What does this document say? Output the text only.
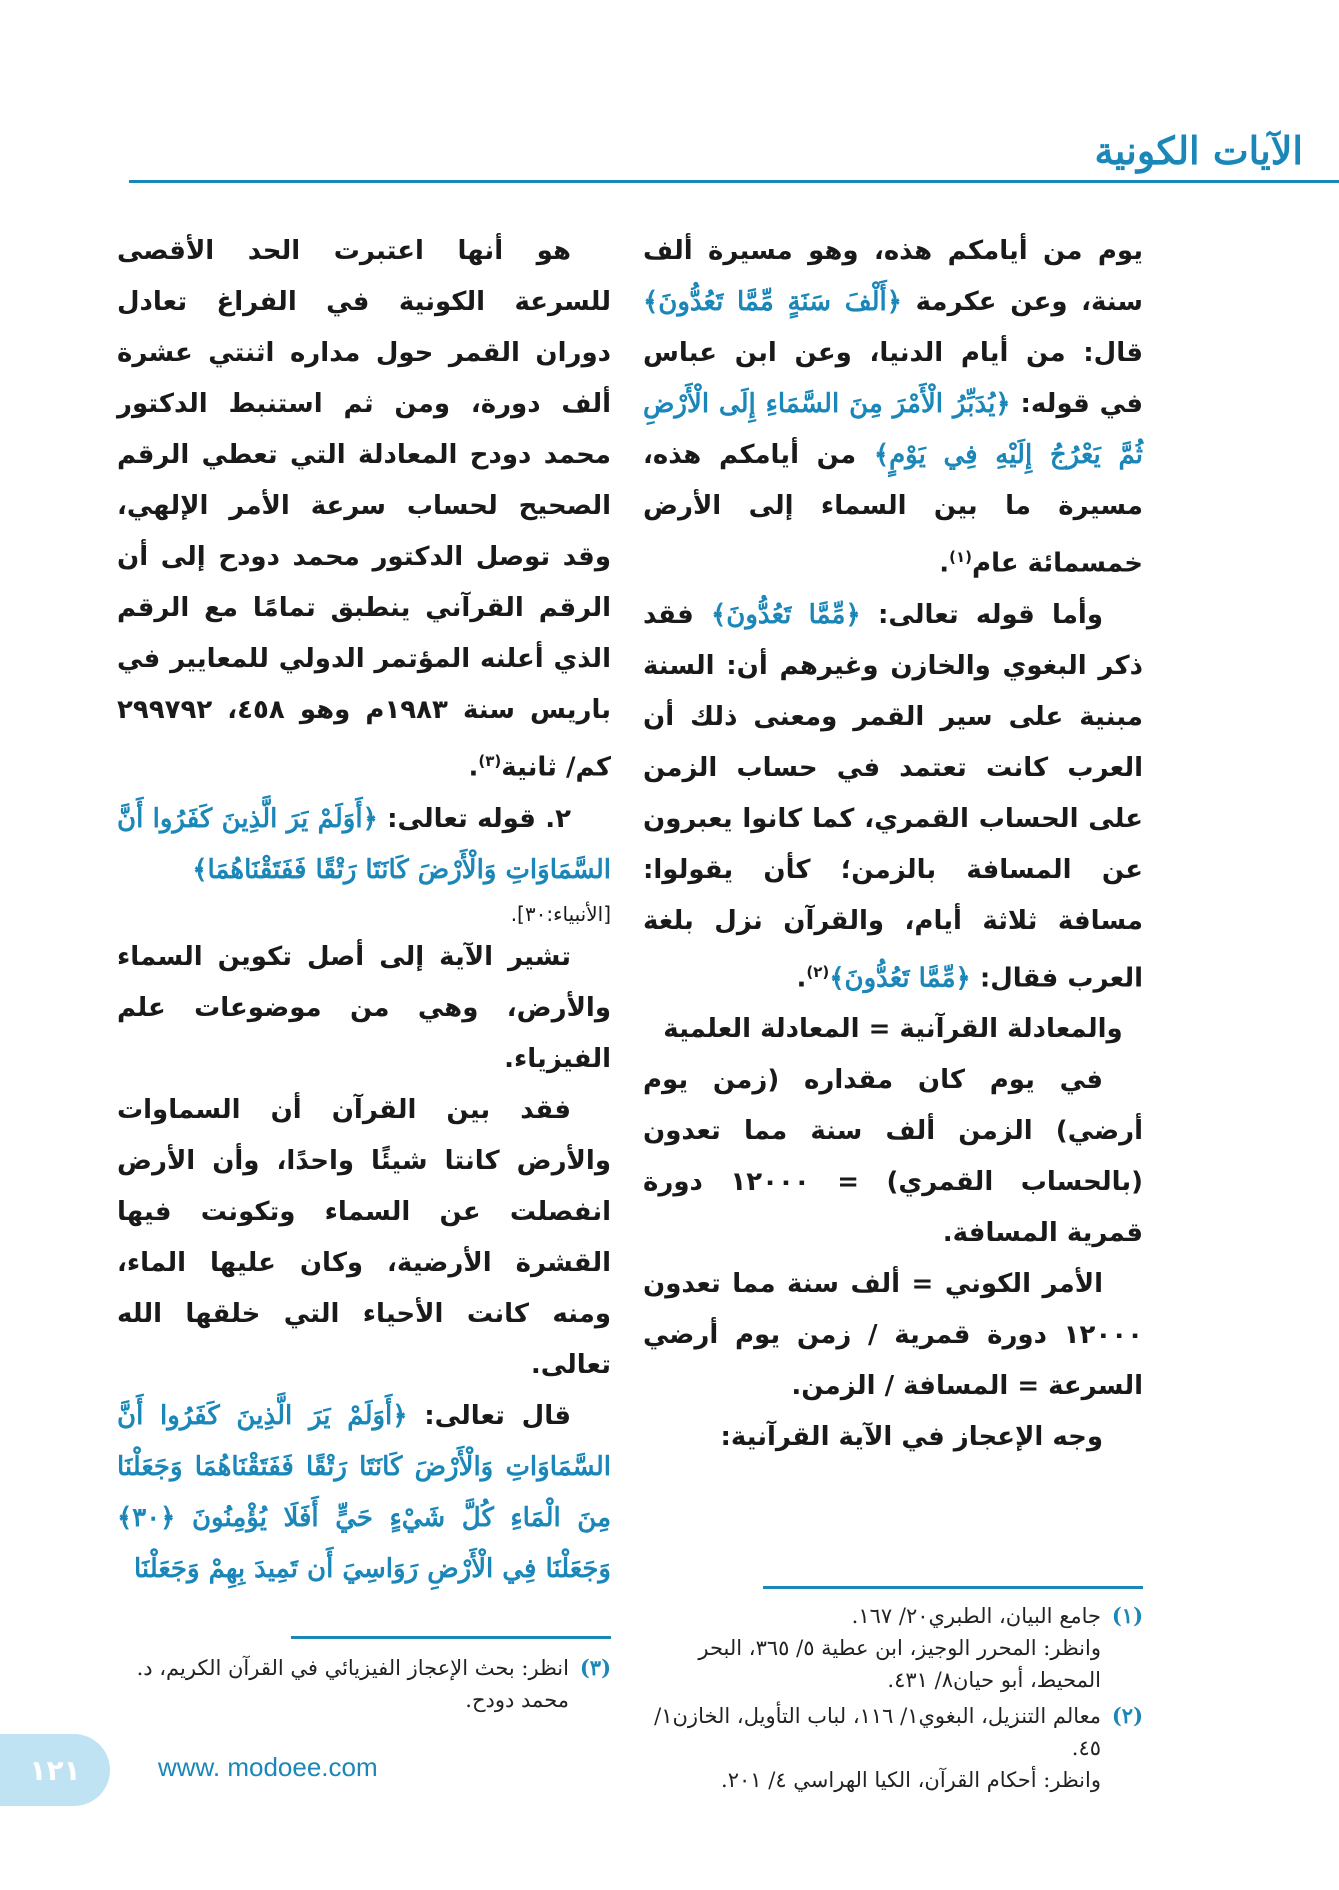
الآيات الكونية

يوم من أيامكم هذه، وهو مسيرة ألف سنة، وعن عكرمة ﴿أَلْفَ سَنَةٍ مِّمَّا تَعُدُّونَ﴾ قال: من أيام الدنيا، وعن ابن عباس في قوله: ﴿يُدَبِّرُ الْأَمْرَ مِنَ السَّمَاءِ إِلَى الْأَرْضِ ثُمَّ يَعْرُجُ إِلَيْهِ فِي يَوْمٍ﴾ من أيامكم هذه، مسيرة ما بين السماء إلى الأرض خمسمائة عام$^{(١)}$.

وأما قوله تعالى: ﴿مِّمَّا تَعُدُّونَ﴾ فقد ذكر البغوي والخازن وغيرهم أن: السنة مبنية على سير القمر ومعنى ذلك أن العرب كانت تعتمد في حساب الزمن على الحساب القمري، كما كانوا يعبرون عن المسافة بالزمن؛ كأن يقولوا: مسافة ثلاثة أيام، والقرآن نزل بلغة العرب فقال: ﴿مِّمَّا تَعُدُّونَ﴾$^{(٢)}$.

والمعادلة القرآنية = المعادلة العلمية

في يوم كان مقداره (زمن يوم أرضي) الزمن ألف سنة مما تعدون (بالحساب القمري) = ١٢٠٠٠ دورة قمرية المسافة.

الأمر الكوني = ألف سنة مما تعدون ١٢٠٠٠ دورة قمرية / زمن يوم أرضي السرعة = المسافة / الزمن.

وجه الإعجاز في الآية القرآنية:

هو أنها اعتبرت الحد الأقصى للسرعة الكونية في الفراغ تعادل دوران القمر حول مداره اثنتي عشرة ألف دورة، ومن ثم استنبط الدكتور محمد دودح المعادلة التي تعطي الرقم الصحيح لحساب سرعة الأمر الإلهي، وقد توصل الدكتور محمد دودح إلى أن الرقم القرآني ينطبق تمامًا مع الرقم الذي أعلنه المؤتمر الدولي للمعايير في باريس سنة ١٩٨٣م وهو ٤٥٨، ٢٩٩٧٩٢ كم/ ثانية$^{(٣)}$.

٢. قوله تعالى: ﴿أَوَلَمْ يَرَ الَّذِينَ كَفَرُوا أَنَّ السَّمَاوَاتِ وَالْأَرْضَ كَانَتَا رَتْقًا فَفَتَقْنَاهُمَا﴾

[الأنبياء:٣٠].

تشير الآية إلى أصل تكوين السماء والأرض، وهي من موضوعات علم الفيزياء.

فقد بين القرآن أن السماوات والأرض كانتا شيئًا واحدًا، وأن الأرض انفصلت عن السماء وتكونت فيها القشرة الأرضية، وكان عليها الماء، ومنه كانت الأحياء التي خلقها الله تعالى.

قال تعالى: ﴿أَوَلَمْ يَرَ الَّذِينَ كَفَرُوا أَنَّ السَّمَاوَاتِ وَالْأَرْضَ كَانَتَا رَتْقًا فَفَتَقْنَاهُمَا وَجَعَلْنَا مِنَ الْمَاءِ كُلَّ شَيْءٍ حَيٍّ أَفَلَا يُؤْمِنُونَ ﴿٣٠﴾ وَجَعَلْنَا فِي الْأَرْضِ رَوَاسِيَ أَن تَمِيدَ بِهِمْ وَجَعَلْنَا

(١)
جامع البيان، الطبري٢٠/ ١٦٧.
وانظر: المحرر الوجيز، ابن عطية ٥/ ٣٦٥، البحر المحيط، أبو حيان٨/ ٤٣١.

(٢)
معالم التنزيل، البغوي١/ ١١٦، لباب التأويل، الخازن١/ ٤٥.
وانظر: أحكام القرآن، الكيا الهراسي ٤/ ٢٠١.

(٣)
انظر: بحث الإعجاز الفيزيائي في القرآن الكريم، د. محمد دودح.

١٢١	www. modoee.com
